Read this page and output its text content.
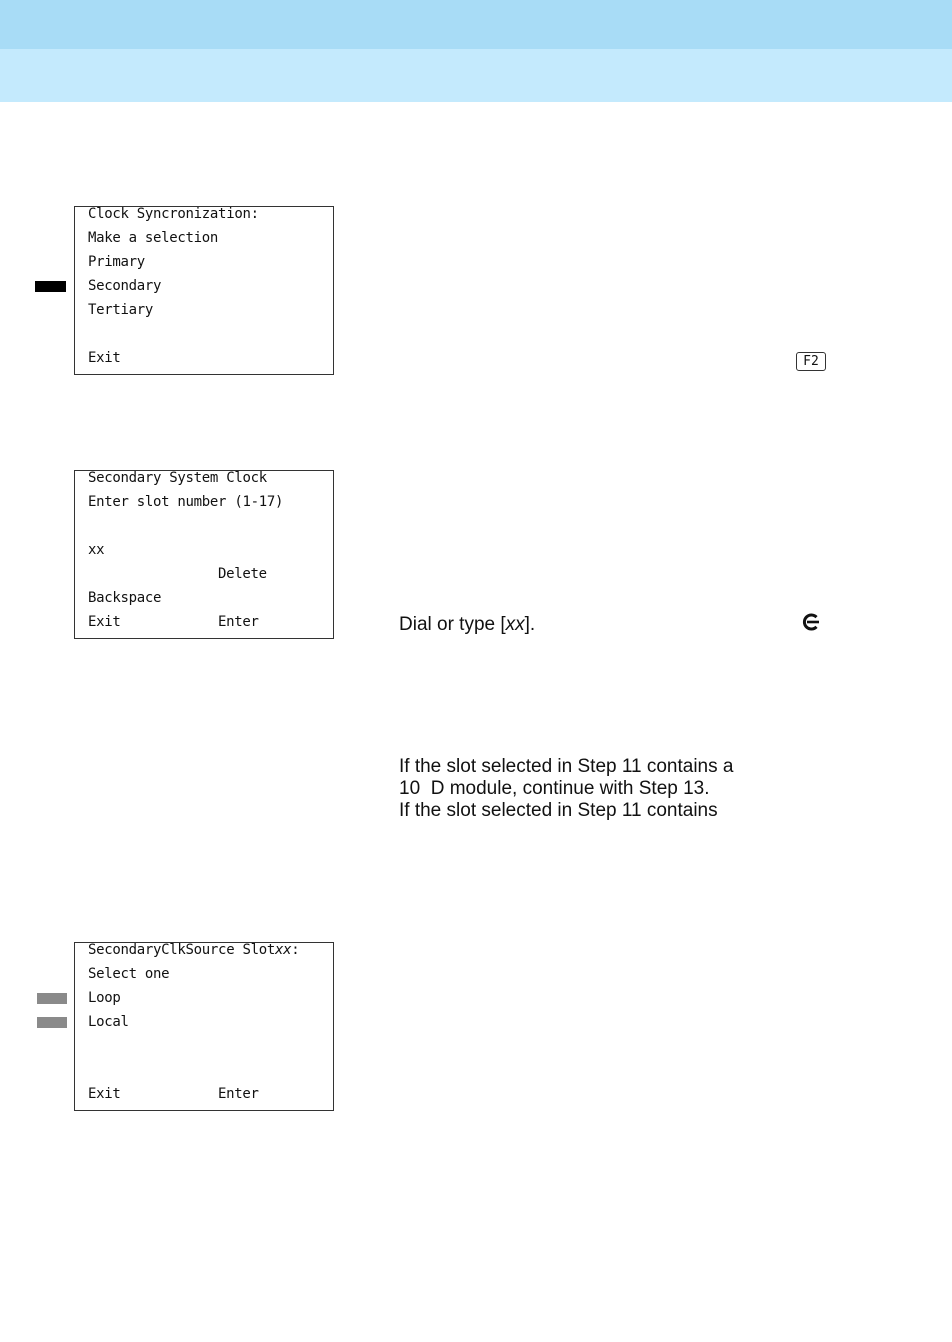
Clock Syncronization:
Make a selection
Primary
Secondary
Tertiary
Exit	F2
Secondary System Clock
Enter slot number (1-17)
xx
Delete
Backspace
Exit	Enter	Dial or type [xx].
If the slot selected in Step 11 contains a
10  D module, continue with Step 13.
If the slot selected in Step 11 contains
SecondaryClkSource Slotxx:
Select one
Loop
Local
Exit	Enter
